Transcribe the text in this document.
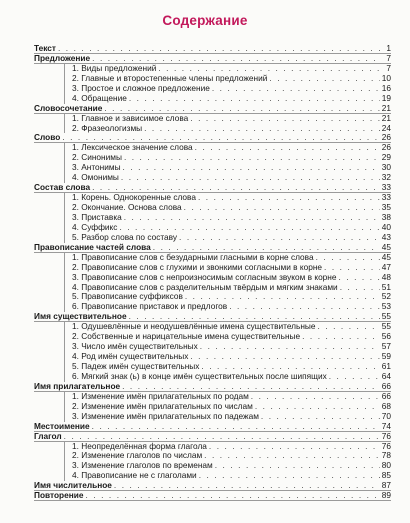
Содержание
Текст . . .	1
Предложение . . .	7
1. Виды предложений . . .	7
2. Главные и второстепенные члены предложений . . .	10
3. Простое и сложное предложение . . .	16
4. Обращение . . .	19
Словосочетание . . .	21
1. Главное и зависимое слова . . .	21
2. Фразеологизмы . . .	24
Слово . . .	26
1. Лексическое значение слова . . .	26
2. Синонимы . . .	29
3. Антонимы . . .	30
4. Омонимы . . .	32
Состав слова . . .	33
1. Корень. Однокоренные слова . . .	33
2. Окончание. Основа слова . . .	35
3. Приставка . . .	38
4. Суффикс . . .	40
5. Разбор слова по составу . . .	43
Правописание частей слова . . .	45
1. Правописание слов с безударными гласными в корне слова . . .	45
2. Правописание слов с глухими и звонкими согласными в корне . . .	47
3. Правописание слов с непроизносимым согласным звуком в корне . . .	48
4. Правописание слов с разделительным твёрдым и мягким знаками . . .	51
5. Правописание суффиксов . . .	52
6. Правописание приставок и предлогов . . .	53
Имя существительное . . .	55
1. Одушевлённые и неодушевлённые имена существительные . . .	55
2. Собственные и нарицательные имена существительные . . .	56
3. Число имён существительных . . .	57
4. Род имён существительных . . .	59
5. Падеж имён существительных . . .	61
6. Мягкий знак (ь) в конце имён существительных после шипящих . . .	64
Имя прилагательное . . .	66
1. Изменение имён прилагательных по родам . . .	66
2. Изменение имён прилагательных по числам . . .	68
3. Изменение имён прилагательных по падежам . . .	70
Местоимение . . .	74
Глагол . . .	76
1. Неопределённая форма глагола . . .	76
2. Изменение глаголов по числам . . .	78
3. Изменение глаголов по временам . . .	80
4. Правописание не с глаголами . . .	85
Имя числительное . . .	87
Повторение . . .	89
